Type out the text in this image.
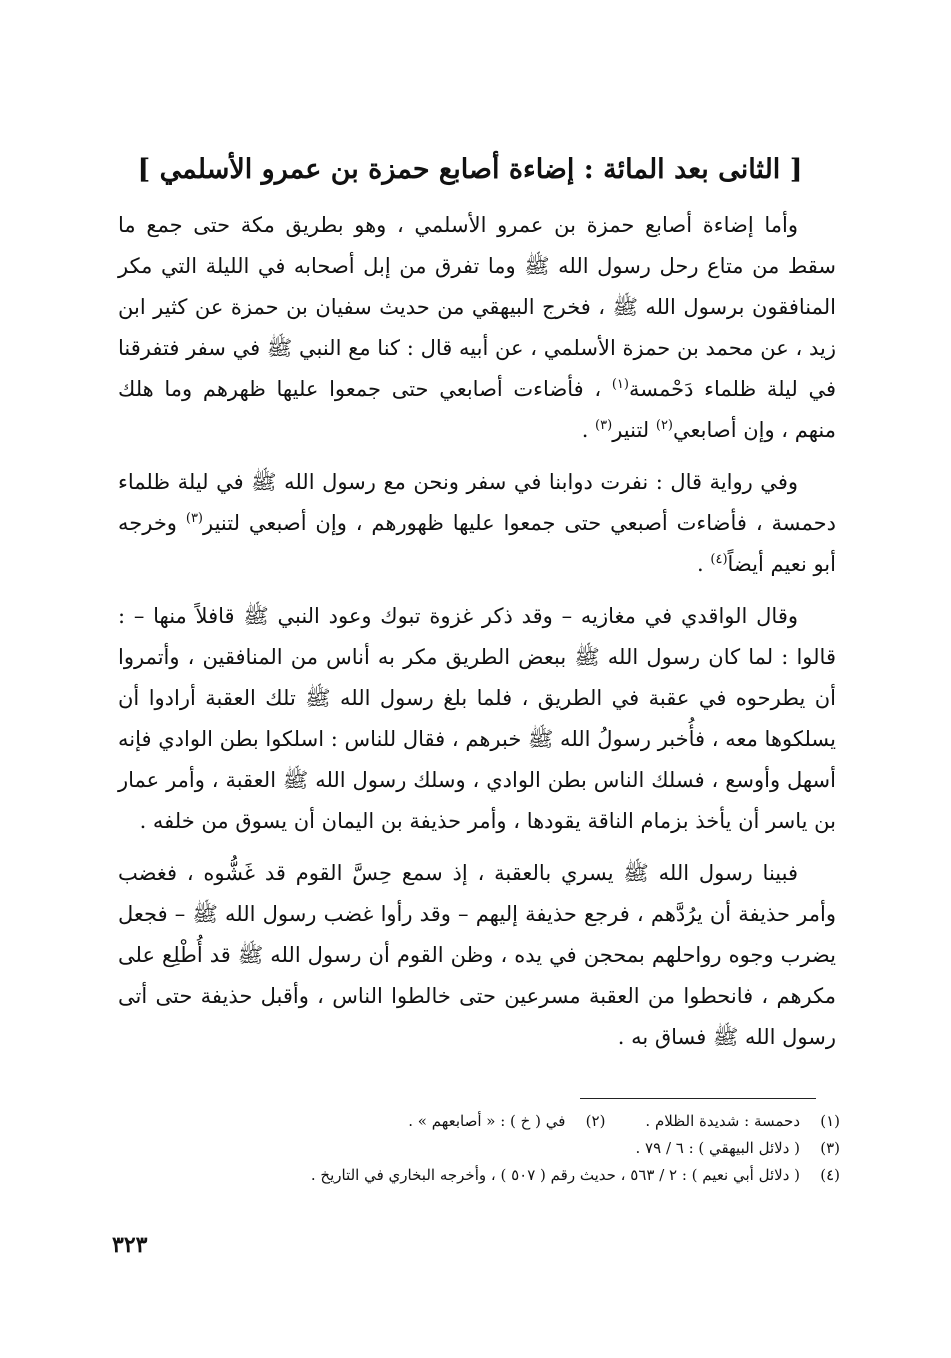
[ الثانى بعد المائة : إضاءة أصابع حمزة بن عمرو الأسلمي ]

وأما إضاءة أصابع حمزة بن عمرو الأسلمي ، وهو بطريق مكة حتى جمع ما سقط من متاع رحل رسول الله ﷺ وما تفرق من إبل أصحابه في الليلة التي مكر المنافقون برسول الله ﷺ ، فخرج البيهقي من حديث سفيان بن حمزة عن كثير ابن زيد ، عن محمد بن حمزة الأسلمي ، عن أبيه قال : كنا مع النبي ﷺ في سفر فتفرقنا في ليلة ظلماء دَحْمسة$^{(١)}$ ، فأضاءت أصابعي حتى جمعوا عليها ظهرهم وما هلك منهم ، وإن أصابعي$^{(٢)}$ لتنير$^{(٣)}$ .

وفي رواية قال : نفرت دوابنا في سفر ونحن مع رسول الله ﷺ في ليلة ظلماء دحمسة ، فأضاءت أصبعي حتى جمعوا عليها ظهورهم ، وإن أصبعي لتنير$^{(٣)}$ وخرجه أبو نعيم أيضاً$^{(٤)}$ .

وقال الواقدي في مغازيه – وقد ذكر غزوة تبوك وعود النبي ﷺ قافلاً منها – : قالوا : لما كان رسول الله ﷺ ببعض الطريق مكر به أناس من المنافقين ، وأتمروا أن يطرحوه في عقبة في الطريق ، فلما بلغ رسول الله ﷺ تلك العقبة أرادوا أن يسلكوها معه ، فأُخبر رسولُ الله ﷺ خبرهم ، فقال للناس : اسلكوا بطن الوادي فإنه أسهل وأوسع ، فسلك الناس بطن الوادي ، وسلك رسول الله ﷺ العقبة ، وأمر عمار بن ياسر أن يأخذ بزمام الناقة يقودها ، وأمر حذيفة بن اليمان أن يسوق من خلفه .

فبينا رسول الله ﷺ يسري بالعقبة ، إذ سمع حِسَّ القوم قد غَشُّوه ، فغضب وأمر حذيفة أن يرُدَّهم ، فرجع حذيفة إليهم – وقد رأوا غضب رسول الله ﷺ – فجعل يضرب وجوه رواحلهم بمحجن في يده ، وظن القوم أن رسول الله ﷺ قد أُطْلِع على مكرهم ، فانحطوا من العقبة مسرعين حتى خالطوا الناس ، وأقبل حذيفة حتى أتى رسول الله ﷺ فساق به .

(١)
دحمسة : شديدة الظلام .
(٢)
في ( خ ) : « أصابعهم » .
(٣)
( دلائل البيهقي ) : ٦ / ٧٩ .
(٤)
( دلائل أبي نعيم ) : ٢ / ٥٦٣ ، حديث رقم ( ٥٠٧ ) ، وأخرجه البخاري في التاريخ .
٣٢٣
